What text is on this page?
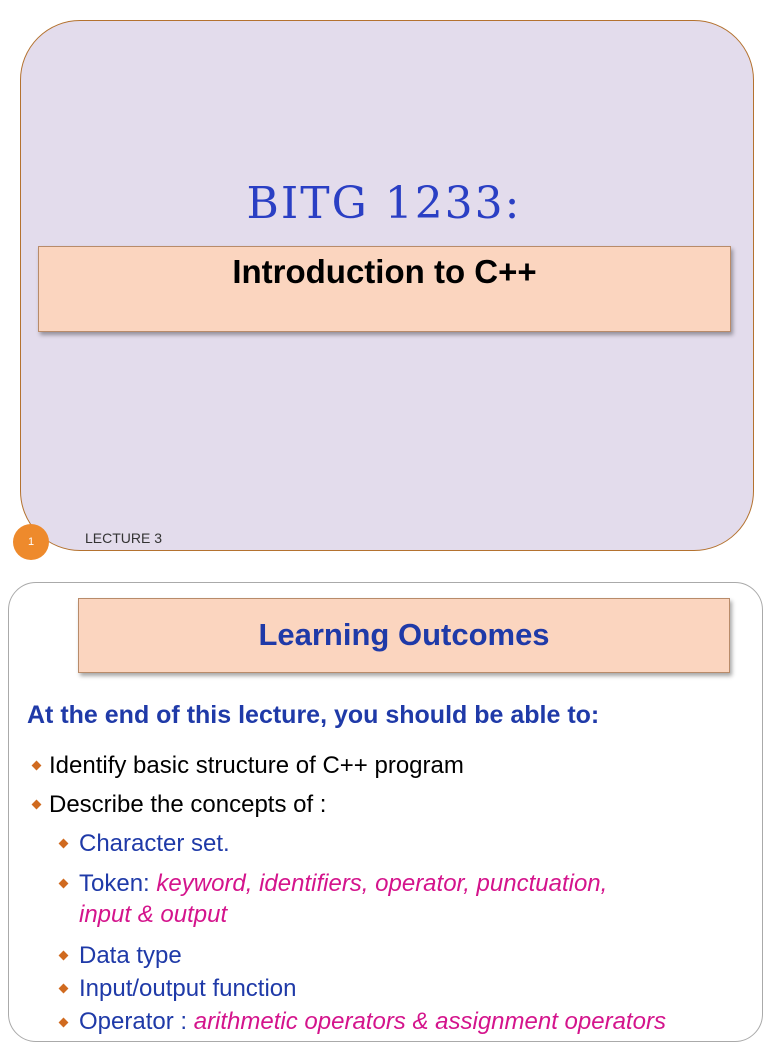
BITG 1233:
Introduction to C++
1	LECTURE 3
Learning Outcomes
At the end of this lecture, you should be able to:
Identify basic structure of C++ program
Describe the concepts of :
Character set.
Token: keyword, identifiers, operator, punctuation,
input & output
Data type
Input/output function
Operator : arithmetic operators & assignment operators
